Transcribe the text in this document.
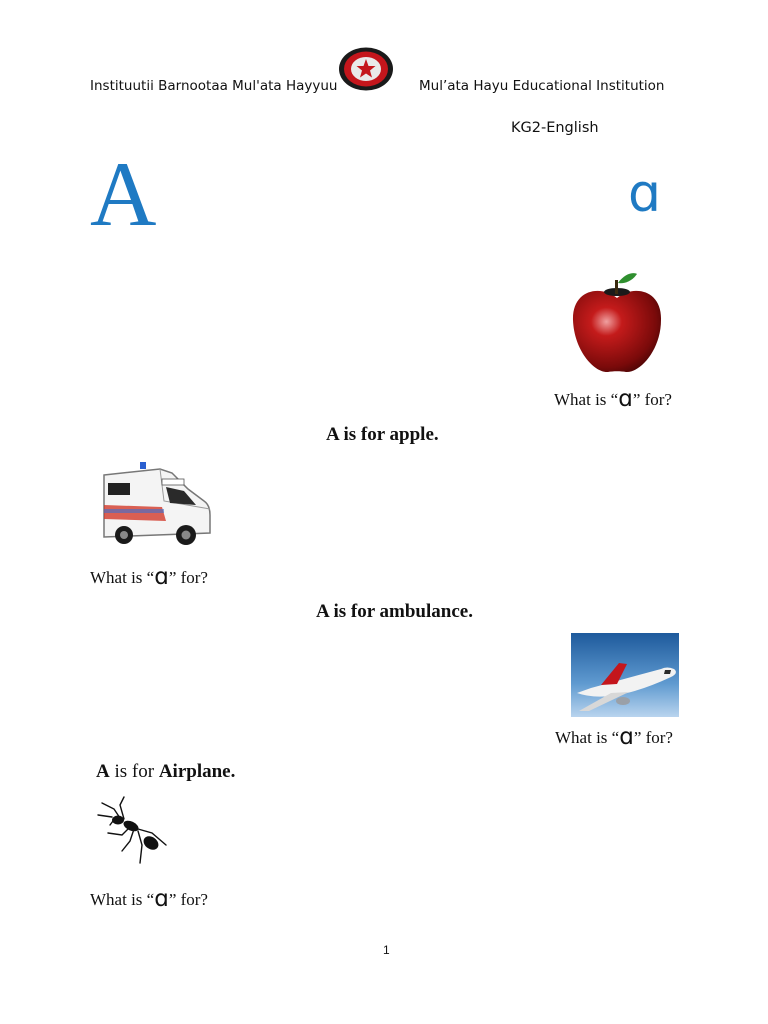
Instituutii Barnootaa Mul'ata Hayyuu	Mul’ata Hayu Educational Institution
KG2-English
A	ɑ
What is “ɑ” for?
A is for apple.
What is “ɑ” for?
A is for ambulance.
What is “ɑ” for?
A is for Airplane.
What is “ɑ” for?
1
